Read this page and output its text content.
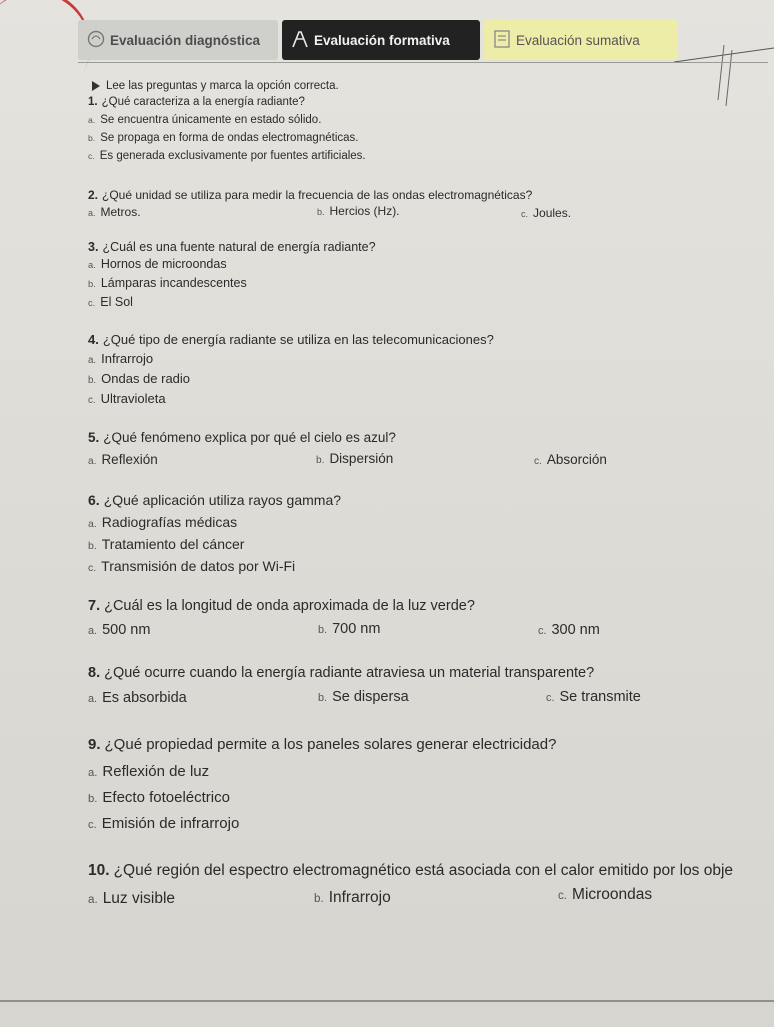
Evaluación diagnóstica	Evaluación formativa	Evaluación sumativa
Lee las preguntas y marca la opción correcta.
1. ¿Qué caracteriza a la energía radiante?
a. Se encuentra únicamente en estado sólido.
b. Se propaga en forma de ondas electromagnéticas.
c. Es generada exclusivamente por fuentes artificiales.
2. ¿Qué unidad se utiliza para medir la frecuencia de las ondas electromagnéticas?
a. Metros.	b. Hercios (Hz).	c. Joules.
3. ¿Cuál es una fuente natural de energía radiante?
a. Hornos de microondas
b. Lámparas incandescentes
c. El Sol
4. ¿Qué tipo de energía radiante se utiliza en las telecomunicaciones?
a. Infrarrojo
b. Ondas de radio
c. Ultravioleta
5. ¿Qué fenómeno explica por qué el cielo es azul?
a. Reflexión	b. Dispersión	c. Absorción
6. ¿Qué aplicación utiliza rayos gamma?
a. Radiografías médicas
b. Tratamiento del cáncer
c. Transmisión de datos por Wi-Fi
7. ¿Cuál es la longitud de onda aproximada de la luz verde?
a. 500 nm	b. 700 nm	c. 300 nm
8. ¿Qué ocurre cuando la energía radiante atraviesa un material transparente?
a. Es absorbida	b. Se dispersa	c. Se transmite
9. ¿Qué propiedad permite a los paneles solares generar electricidad?
a. Reflexión de luz
b. Efecto fotoeléctrico
c. Emisión de infrarrojo
10. ¿Qué región del espectro electromagnético está asociada con el calor emitido por los obje
a. Luz visible	b. Infrarrojo	c. Microondas
